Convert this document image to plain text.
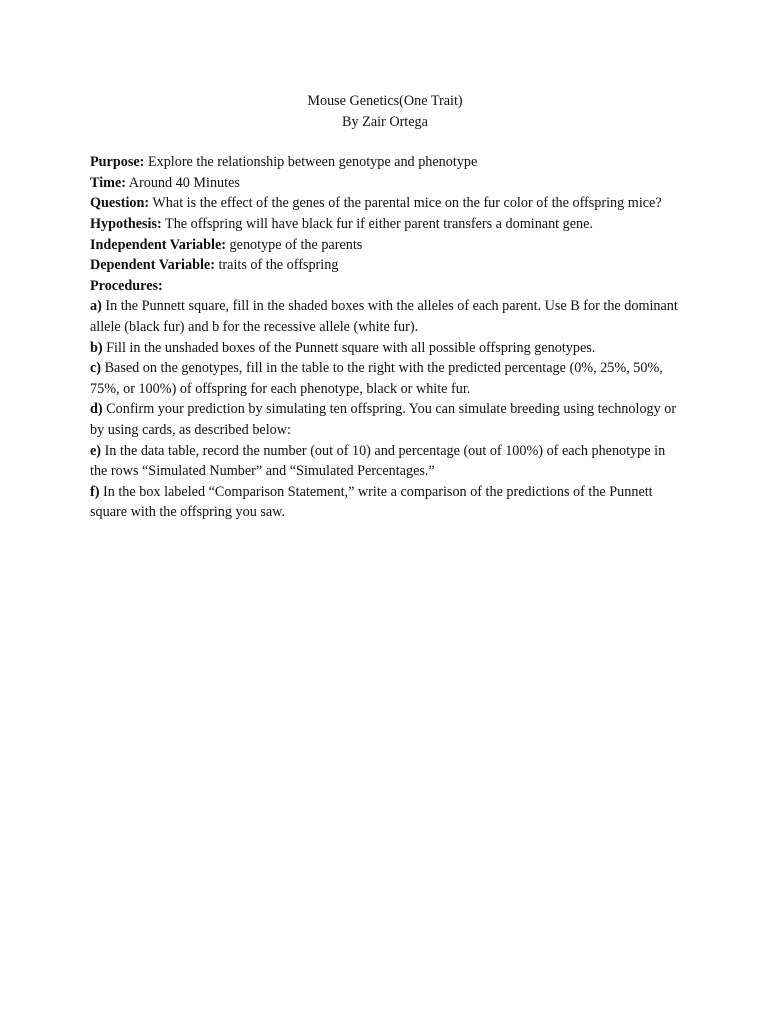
Mouse Genetics(One Trait)
By Zair Ortega

Purpose: Explore the relationship between genotype and phenotype

Time: Around 40 Minutes

Question: What is the effect of the genes of the parental mice on the fur color of the offspring mice?

Hypothesis: The offspring will have black fur if either parent transfers a dominant gene.

Independent Variable: genotype of the parents

Dependent Variable: traits of the offspring

Procedures:

a) In the Punnett square, fill in the shaded boxes with the alleles of each parent. Use B for the dominant allele (black fur) and b for the recessive allele (white fur).

b) Fill in the unshaded boxes of the Punnett square with all possible offspring genotypes.

c) Based on the genotypes, fill in the table to the right with the predicted percentage (0%, 25%, 50%, 75%, or 100%) of offspring for each phenotype, black or white fur.

d) Confirm your prediction by simulating ten offspring. You can simulate breeding using technology or by using cards, as described below:

e) In the data table, record the number (out of 10) and percentage (out of 100%) of each phenotype in the rows “Simulated Number” and “Simulated Percentages.”

f) In the box labeled “Comparison Statement,” write a comparison of the predictions of the Punnett square with the offspring you saw.
